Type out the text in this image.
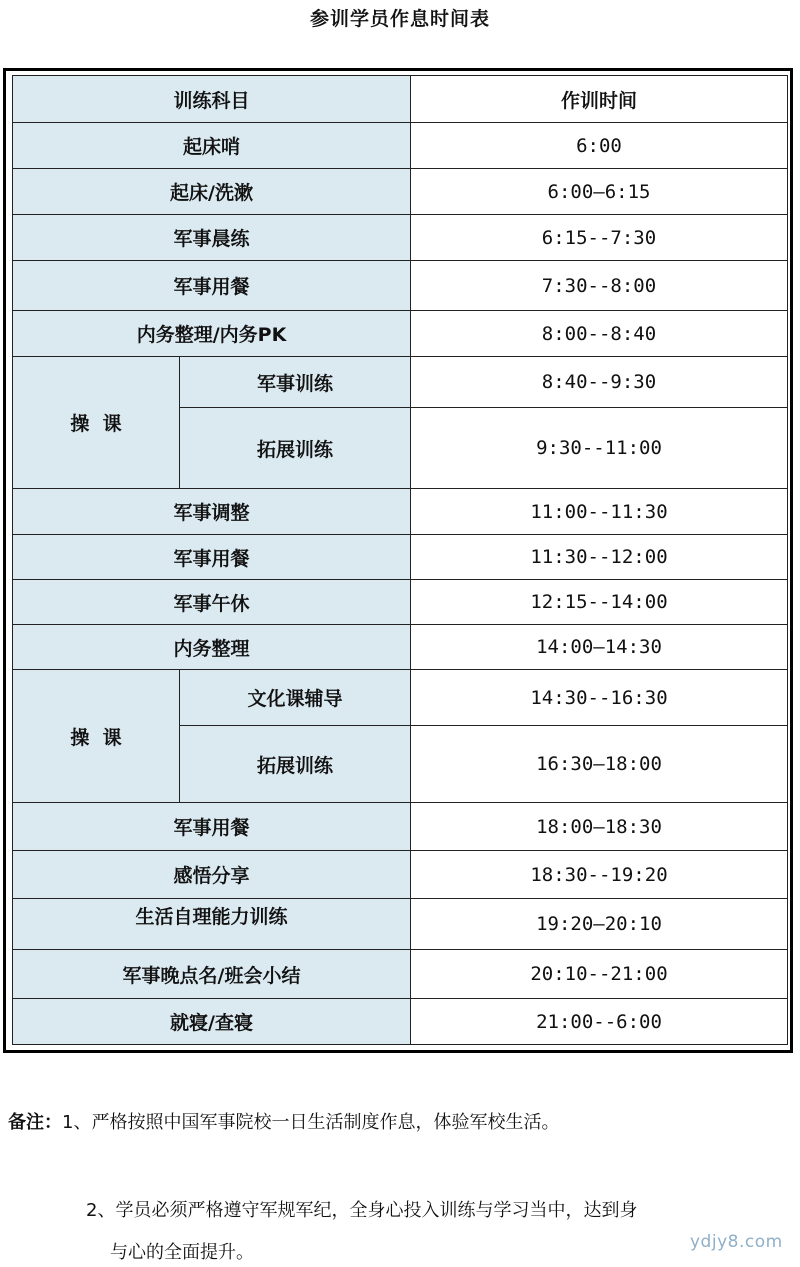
参训学员作息时间表
训练科目		作训时间
起床哨		6:00
起床/洗漱		6:00—6:15
军事晨练		6:15--7:30
军事用餐		7:30--8:00
内务整理/内务PK		8:00--8:40
操  课	军事训练	8:40--9:30
	拓展训练	9:30--11:00
军事调整		11:00--11:30
军事用餐		11:30--12:00
军事午休		12:15--14:00
内务整理		14:00—14:30
操  课	文化课辅导	14:30--16:30
	拓展训练	16:30—18:00
军事用餐		18:00—18:30
感悟分享		18:30--19:20
生活自理能力训练		19:20—20:10
军事晚点名/班会小结		20:10--21:00
就寝/查寝		21:00--6:00
备注：1、严格按照中国军事院校一日生活制度作息，体验军校生活。
2、学员必须严格遵守军规军纪，全身心投入训练与学习当中，达到身
与心的全面提升。	ydjy8.com
